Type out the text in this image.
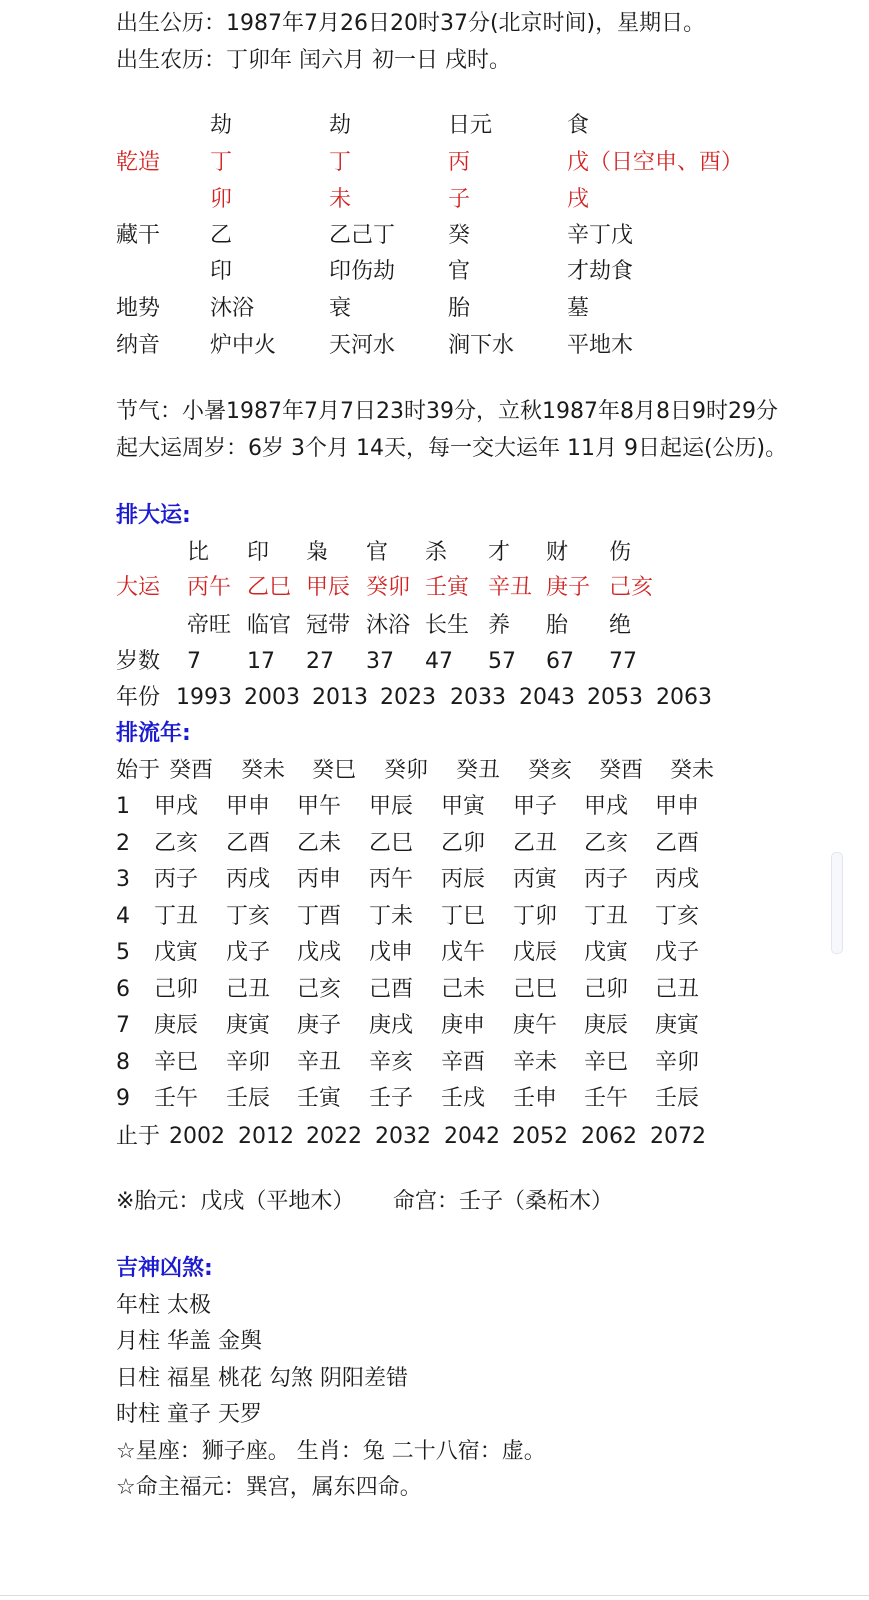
出生公历：1987年7月26日20时37分(北京时间)，星期日。
出生农历：丁卯年 闰六月 初一日 戌时。
乾造
藏干
地势
纳音
劫
丁
卯
乙
印
沐浴
炉中火
劫
丁
未
乙己丁
印伤劫
衰
天河水
日元
丙
子
癸
官
胎
涧下水
食
戊（日空申、酉）
戌
辛丁戊
才劫食
墓
平地木
节气：小暑1987年7月7日23时39分，立秋1987年8月8日9时29分
起大运周岁：6岁 3个月 14天，每一交大运年 11月 9日起运(公历)。
排大运:
大运
岁数
年份
比 印 枭 官 杀 才 财 伤
丙午 乙巳 甲辰 癸卯 壬寅 辛丑 庚子 己亥
帝旺 临官 冠带 沐浴 长生 养 胎 绝
7 17 27 37 47 57 67 77
1993 2003 2013 2023 2033 2043 2053 2063
排流年:
始于 癸酉 癸未 癸巳 癸卯 癸丑 癸亥 癸酉 癸未
1 甲戌 甲申 甲午 甲辰 甲寅 甲子 甲戌 甲申
2 乙亥 乙酉 乙未 乙巳 乙卯 乙丑 乙亥 乙酉
3 丙子 丙戌 丙申 丙午 丙辰 丙寅 丙子 丙戌
4 丁丑 丁亥 丁酉 丁未 丁巳 丁卯 丁丑 丁亥
5 戊寅 戊子 戊戌 戊申 戊午 戊辰 戊寅 戊子
6 己卯 己丑 己亥 己酉 己未 己巳 己卯 己丑
7 庚辰 庚寅 庚子 庚戌 庚申 庚午 庚辰 庚寅
8 辛巳 辛卯 辛丑 辛亥 辛酉 辛未 辛巳 辛卯
9 壬午 壬辰 壬寅 壬子 壬戌 壬申 壬午 壬辰
止于 2002 2012 2022 2032 2042 2052 2062 2072
※胎元：戊戌（平地木） 命宫：壬子（桑柘木）
吉神凶煞:
年柱 太极
月柱 华盖 金舆
日柱 福星 桃花 勾煞 阴阳差错
时柱 童子 天罗
☆星座：狮子座。 生肖：兔 二十八宿：虚。
☆命主福元：巽宫，属东四命。
